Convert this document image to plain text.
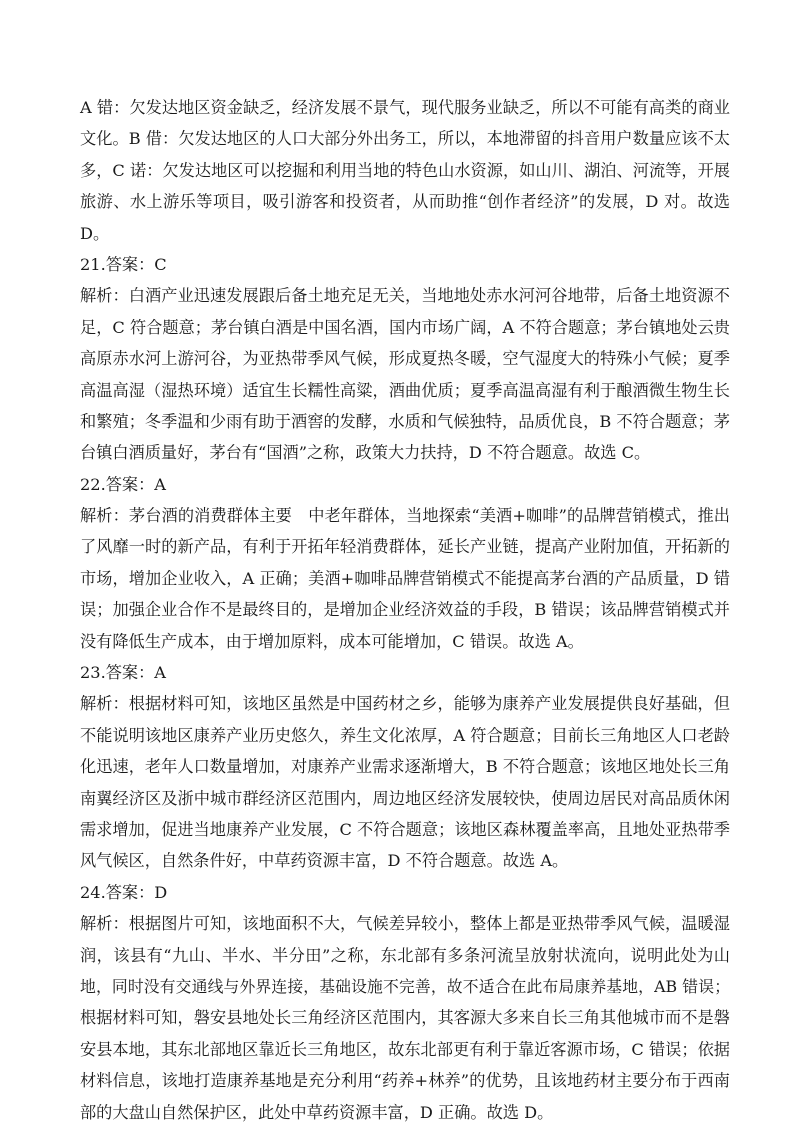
A 错：欠发达地区资金缺乏，经济发展不景气，现代服务业缺乏，所以不可能有高类的商业
文化。B 借：欠发达地区的人口大部分外出务工，所以，本地滞留的抖音用户数量应该不太
多，C 诺：欠发达地区可以挖掘和利用当地的特色山水资源，如山川、湖泊、河流等，开展
旅游、水上游乐等项目，吸引游客和投资者，从而助推“创作者经济”的发展，D 对。故选
D。
21.答案：C
解析：白酒产业迅速发展跟后备土地充足无关，当地地处赤水河河谷地带，后备土地资源不
足，C 符合题意；茅台镇白酒是中国名酒，国内市场广阔，A 不符合题意；茅台镇地处云贵
高原赤水河上游河谷，为亚热带季风气候，形成夏热冬暖，空气湿度大的特殊小气候；夏季
高温高湿（湿热环境）适宜生长糯性高粱，酒曲优质；夏季高温高湿有利于酿酒微生物生长
和繁殖；冬季温和少雨有助于酒窖的发酵，水质和气候独特，品质优良，B 不符合题意；茅
台镇白酒质量好，茅台有“国酒”之称，政策大力扶持，D 不符合题意。故选 C。
22.答案：A
解析：茅台酒的消费群体主要　中老年群体，当地探索“美酒+咖啡”的品牌营销模式，推出
了风靡一时的新产品，有利于开拓年轻消费群体，延长产业链，提高产业附加值，开拓新的
市场，增加企业收入，A 正确；美酒+咖啡品牌营销模式不能提高茅台酒的产品质量，D 错
误；加强企业合作不是最终目的，是增加企业经济效益的手段，B 错误；该品牌营销模式并
没有降低生产成本，由于增加原料，成本可能增加，C 错误。故选 A。
23.答案：A
解析：根据材料可知，该地区虽然是中国药材之乡，能够为康养产业发展提供良好基础，但
不能说明该地区康养产业历史悠久，养生文化浓厚，A 符合题意；目前长三角地区人口老龄
化迅速，老年人口数量增加，对康养产业需求逐渐增大，B 不符合题意；该地区地处长三角
南翼经济区及浙中城市群经济区范围内，周边地区经济发展较快，使周边居民对高品质休闲
需求增加，促进当地康养产业发展，C 不符合题意；该地区森林覆盖率高，且地处亚热带季
风气候区，自然条件好，中草药资源丰富，D 不符合题意。故选 A。
24.答案：D
解析：根据图片可知，该地面积不大，气候差异较小，整体上都是亚热带季风气候，温暖湿
润，该县有“九山、半水、半分田”之称，东北部有多条河流呈放射状流向，说明此处为山
地，同时没有交通线与外界连接，基础设施不完善，故不适合在此布局康养基地，AB 错误；
根据材料可知，磐安县地处长三角经济区范围内，其客源大多来自长三角其他城市而不是磐
安县本地，其东北部地区靠近长三角地区，故东北部更有利于靠近客源市场，C 错误；依据
材料信息，该地打造康养基地是充分利用“药养+林养”的优势，且该地药材主要分布于西南
部的大盘山自然保护区，此处中草药资源丰富，D 正确。故选 D。
